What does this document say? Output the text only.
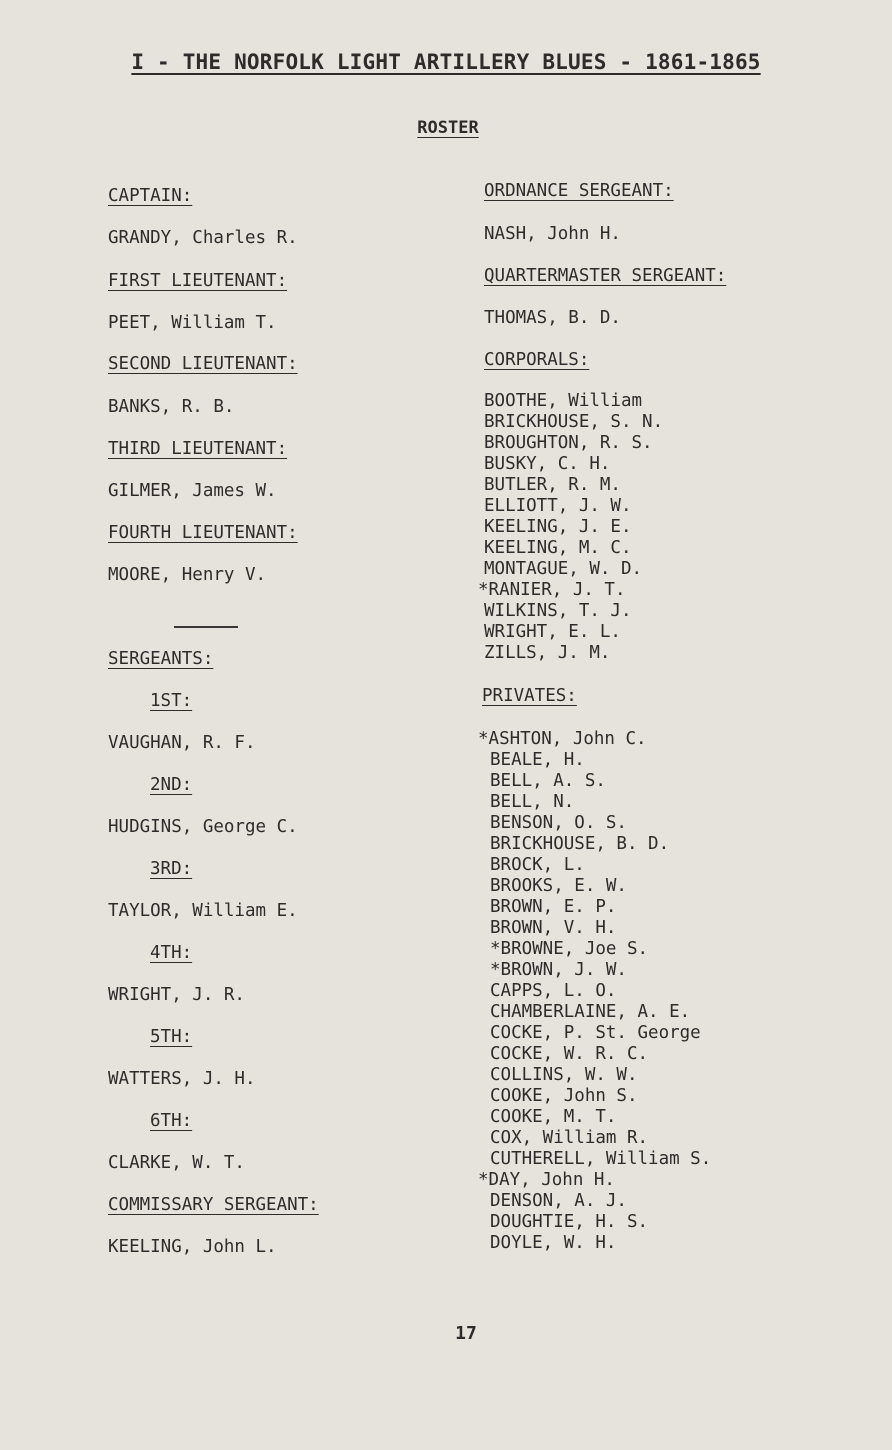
I - THE NORFOLK LIGHT ARTILLERY BLUES - 1861-1865
ROSTER
CAPTAIN:
GRANDY, Charles R.
FIRST LIEUTENANT:
PEET, William T.
SECOND LIEUTENANT:
BANKS, R. B.
THIRD LIEUTENANT:
GILMER, James W.
FOURTH LIEUTENANT:
MOORE, Henry V.
SERGEANTS:
1ST:
VAUGHAN, R. F.
2ND:
HUDGINS, George C.
3RD:
TAYLOR, William E.
4TH:
WRIGHT, J. R.
5TH:
WATTERS, J. H.
6TH:
CLARKE, W. T.
COMMISSARY SERGEANT:
KEELING, John L.
ORDNANCE SERGEANT:
NASH, John H.
QUARTERMASTER SERGEANT:
THOMAS, B. D.
CORPORALS:
BOOTHE, William
BRICKHOUSE, S. N.
BROUGHTON, R. S.
BUSKY, C. H.
BUTLER, R. M.
ELLIOTT, J. W.
KEELING, J. E.
KEELING, M. C.
MONTAGUE, W. D.
*RANIER, J. T.
WILKINS, T. J.
WRIGHT, E. L.
ZILLS, J. M.
PRIVATES:
*ASHTON, John C.
BEALE, H.
BELL, A. S.
BELL, N.
BENSON, O. S.
BRICKHOUSE, B. D.
BROCK, L.
BROOKS, E. W.
BROWN, E. P.
BROWN, V. H.
*BROWNE, Joe S.
*BROWN, J. W.
CAPPS, L. O.
CHAMBERLAINE, A. E.
COCKE, P. St. George
COCKE, W. R. C.
COLLINS, W. W.
COOKE, John S.
COOKE, M. T.
COX, William R.
CUTHERELL, William S.
*DAY, John H.
DENSON, A. J.
DOUGHTIE, H. S.
DOYLE, W. H.
17
